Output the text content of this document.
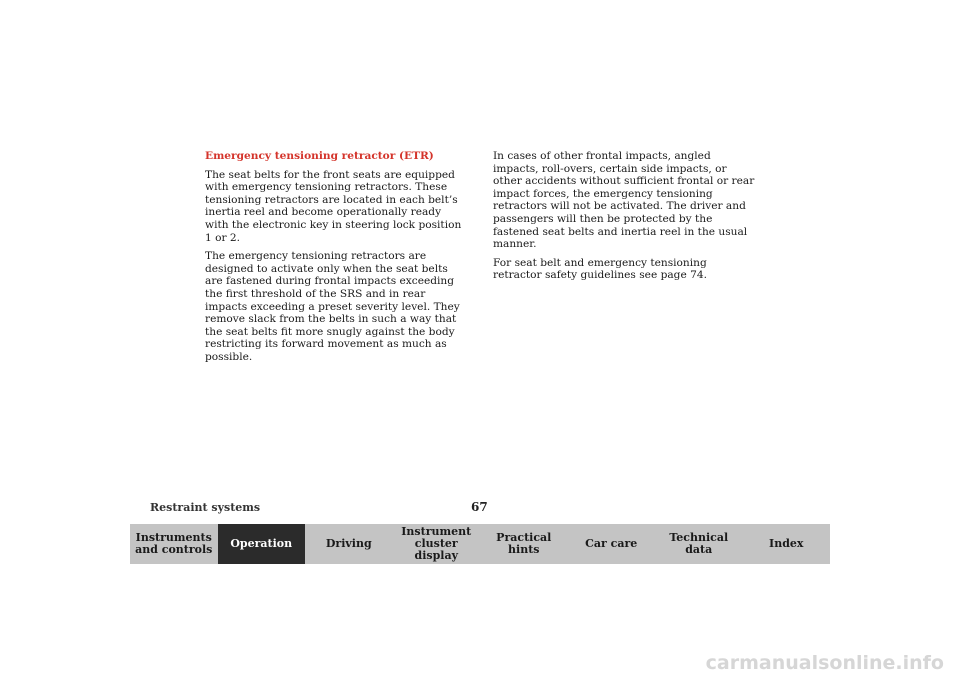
Emergency tensioning retractor (ETR)

The seat belts for the front seats are equipped with emergency tensioning retractors. These tensioning retractors are located in each belt’s inertia reel and become operationally ready with the electronic key in steering lock position 1 or 2.

The emergency tensioning retractors are designed to activate only when the seat belts are fastened during frontal impacts exceeding the first threshold of the SRS and in rear impacts exceeding a preset severity level. They remove slack from the belts in such a way that the seat belts fit more snugly against the body restricting its forward movement as much as possible.

In cases of other frontal impacts, angled impacts, roll-overs, certain side impacts, or other accidents without sufficient frontal or rear impact forces, the emergency tensioning retractors will not be activated. The driver and passengers will then be protected by the fastened seat belts and inertia reel in the usual manner.

For seat belt and emergency tensioning retractor safety guidelines see page 74.

Restraint systems	67
Instruments
and controls	Operation	Driving
Instrument
cluster display
Practical hints	Car care	Technical
data	Index
carmanualsonline.info
